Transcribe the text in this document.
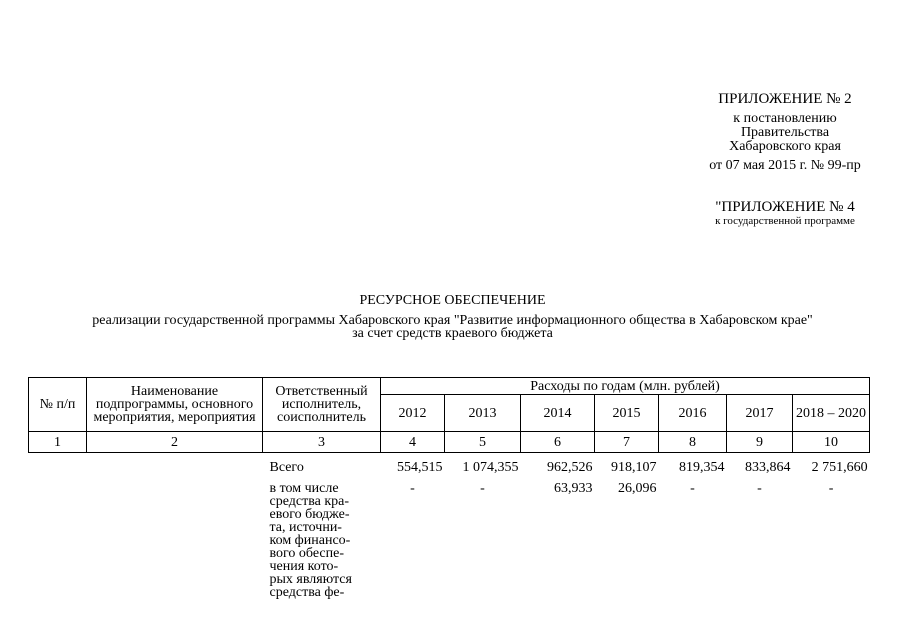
ПРИЛОЖЕНИЕ № 2
к постановлению
Правительства
Хабаровского края
от 07 мая 2015 г. № 99-пр
"ПРИЛОЖЕНИЕ № 4
к государственной программе
РЕСУРСНОЕ ОБЕСПЕЧЕНИЕ
реализации государственной программы Хабаровского края "Развитие информационного общества в Хабаровском крае"
за счет средств краевого бюджета
№ п/п	Наименование подпрограммы, основного мероприятия, мероприятия	Ответственный исполнитель, соисполнитель	Расходы по годам (млн. рублей)						
			2012	2013	2014	2015	2016	2017	2018 – 2020
1	2	3	4	5	6	7	8	9	10

		Всего	554,515	1 074,355	962,526	918,107	819,354	833,864	2 751,660

		в том числе средства кра-евого бюдже-та, источни-ком финансо-вого обеспе-чения кото-рых являются средства фе-	-	-	63,933	26,096	-	-	-
